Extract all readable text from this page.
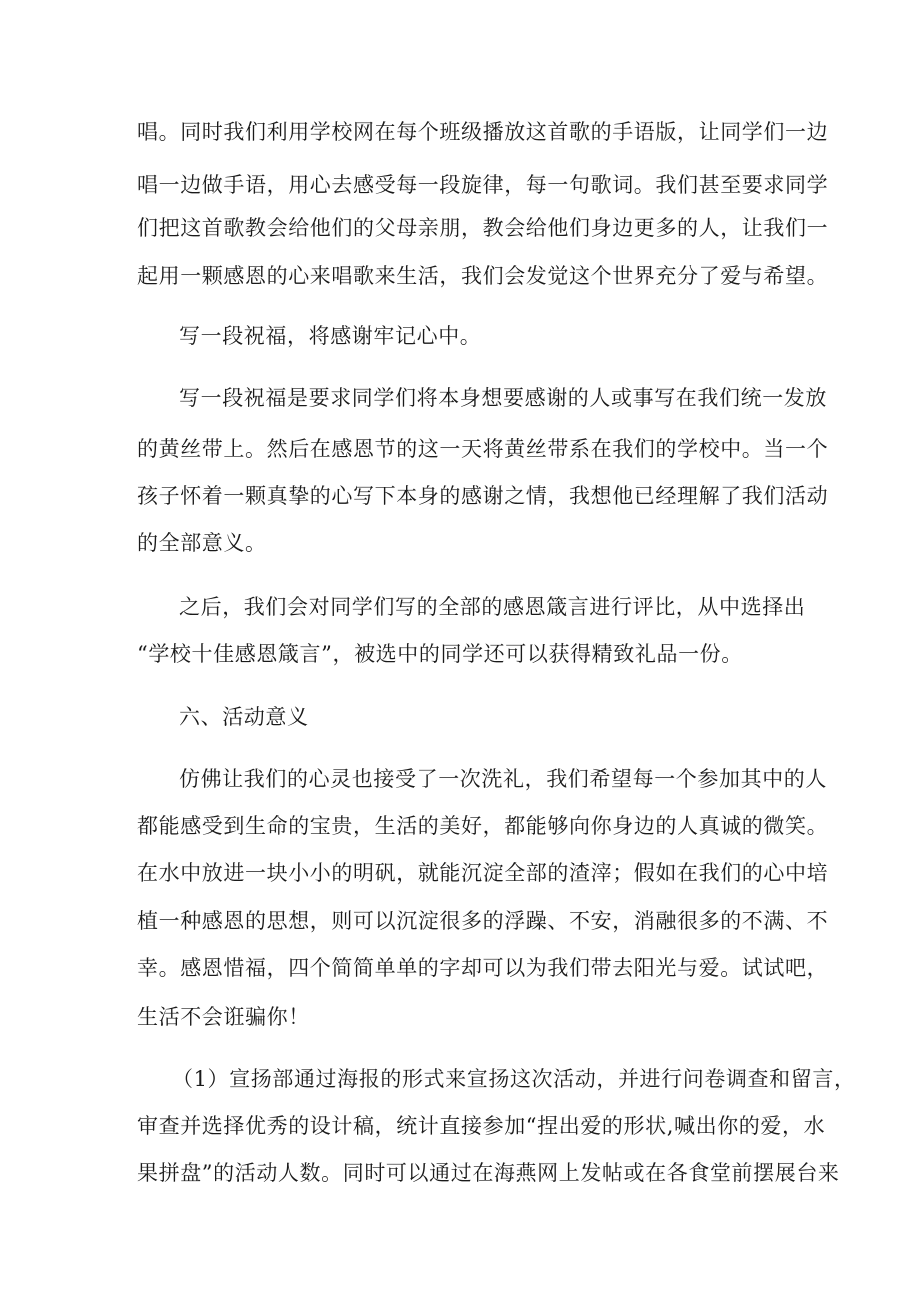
唱。同时我们利用学校网在每个班级播放这首歌的手语版，让同学们一边
唱一边做手语，用心去感受每一段旋律，每一句歌词。我们甚至要求同学
们把这首歌教会给他们的父母亲朋，教会给他们身边更多的人，让我们一
起用一颗感恩的心来唱歌来生活，我们会发觉这个世界充分了爱与希望。
写一段祝福，将感谢牢记心中。
写一段祝福是要求同学们将本身想要感谢的人或事写在我们统一发放
的黄丝带上。然后在感恩节的这一天将黄丝带系在我们的学校中。当一个
孩子怀着一颗真挚的心写下本身的感谢之情，我想他已经理解了我们活动
的全部意义。
之后，我们会对同学们写的全部的感恩箴言进行评比，从中选择出
“学校十佳感恩箴言”，被选中的同学还可以获得精致礼品一份。
六、活动意义
仿佛让我们的心灵也接受了一次洗礼，我们希望每一个参加其中的人
都能感受到生命的宝贵，生活的美好，都能够向你身边的人真诚的微笑。
在水中放进一块小小的明矾，就能沉淀全部的渣滓；假如在我们的心中培
植一种感恩的思想，则可以沉淀很多的浮躁、不安，消融很多的不满、不
幸。感恩惜福，四个简简单单的字却可以为我们带去阳光与爱。试试吧，
生活不会诳骗你！
（1）宣扬部通过海报的形式来宣扬这次活动，并进行问卷调查和留言，
审查并选择优秀的设计稿，统计直接参加“捏出爱的形状,喊出你的爱，水
果拼盘”的活动人数。同时可以通过在海燕网上发帖或在各食堂前摆展台来
